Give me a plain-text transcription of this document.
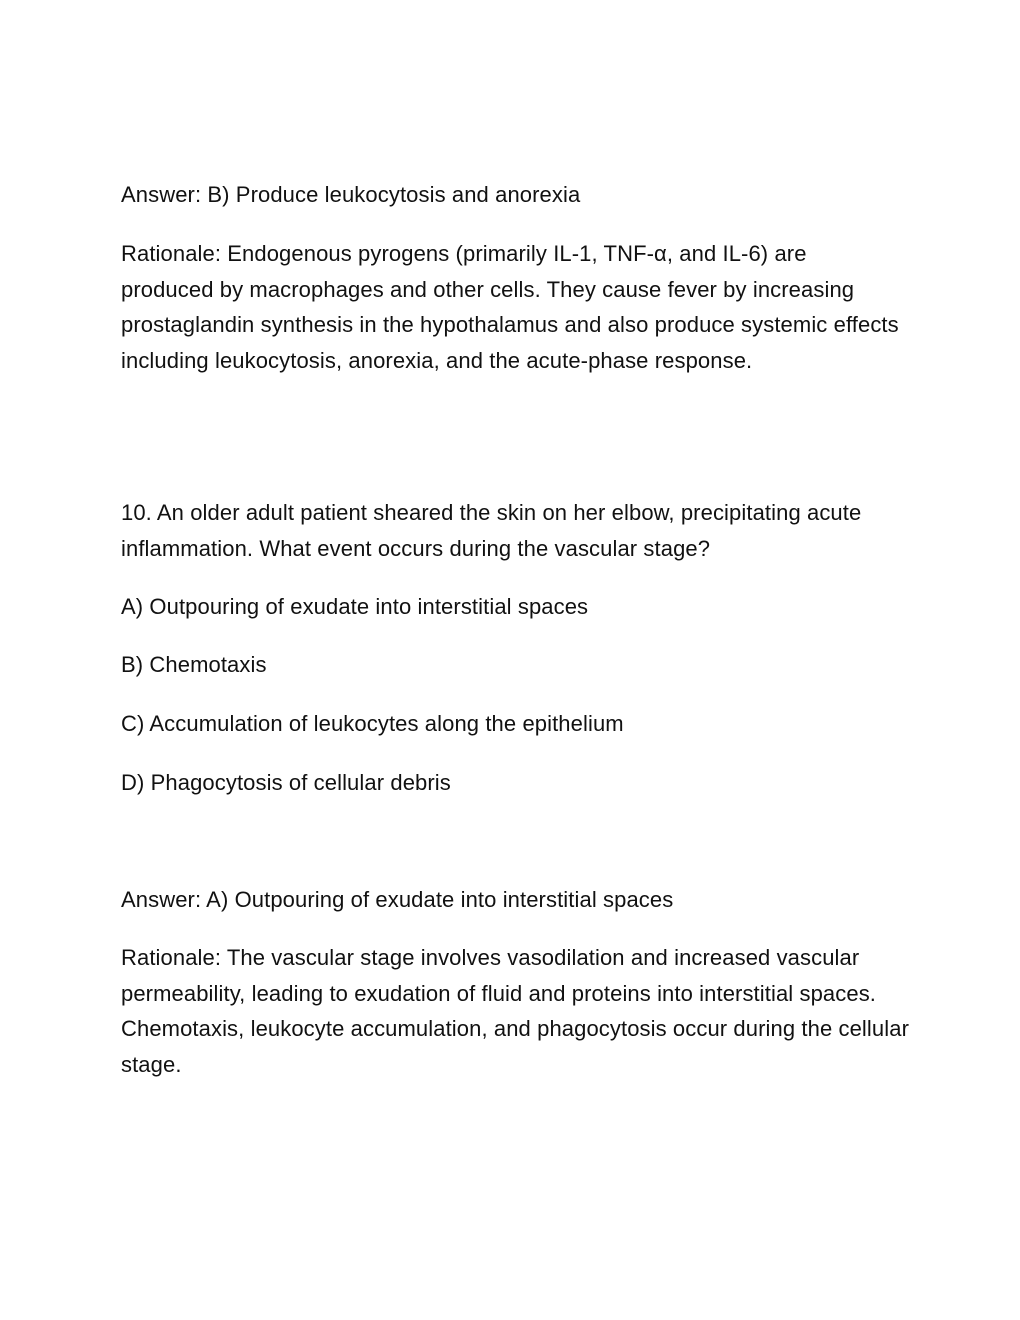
Answer: B) Produce leukocytosis and anorexia

Rationale: Endogenous pyrogens (primarily IL-1, TNF-α, and IL-6) are produced by macrophages and other cells. They cause fever by increasing prostaglandin synthesis in the hypothalamus and also produce systemic effects including leukocytosis, anorexia, and the acute-phase response.

10. An older adult patient sheared the skin on her elbow, precipitating acute inflammation. What event occurs during the vascular stage?

A) Outpouring of exudate into interstitial spaces

B) Chemotaxis

C) Accumulation of leukocytes along the epithelium

D) Phagocytosis of cellular debris

Answer: A) Outpouring of exudate into interstitial spaces

Rationale: The vascular stage involves vasodilation and increased vascular permeability, leading to exudation of fluid and proteins into interstitial spaces. Chemotaxis, leukocyte accumulation, and phagocytosis occur during the cellular stage.
